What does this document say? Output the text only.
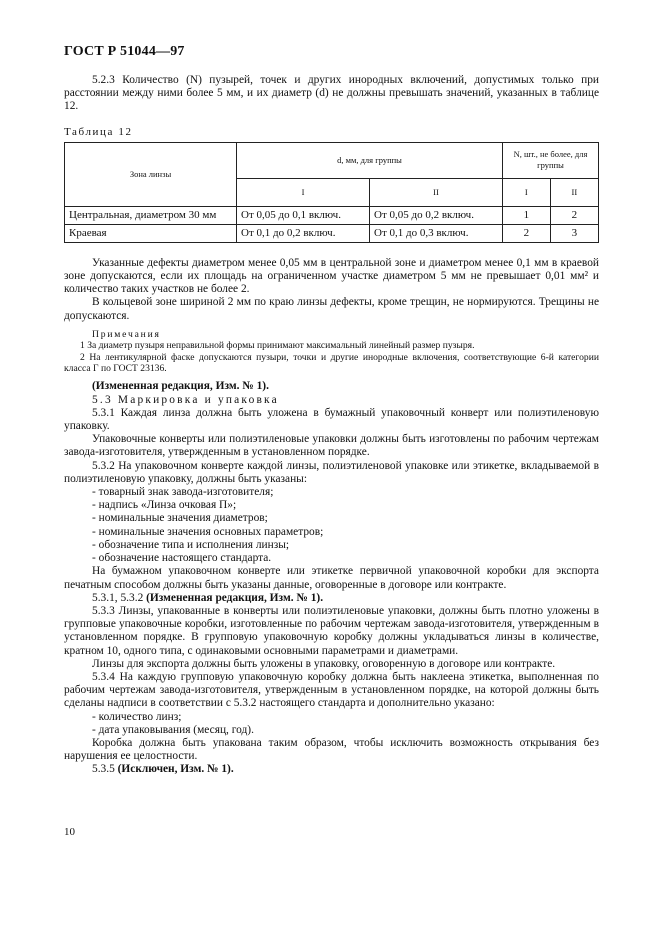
ГОСТ Р 51044—97

5.2.3 Количество (N) пузырей, точек и других инородных включений, допустимых только при расстоянии между ними более 5 мм, и их диаметр (d) не должны превышать значений, указанных в таблице 12.

Таблица 12
Зона линзы	d, мм, для группы		N, шт., не более, для группы	
	I	II	I	II
Центральная, диаметром 30 мм	От 0,05 до 0,1 включ.	От 0,05 до 0,2 включ.	1	2
Краевая	От 0,1 до 0,2 включ.	От 0,1 до 0,3 включ.	2	3

Указанные дефекты диаметром менее 0,05 мм в центральной зоне и диаметром менее 0,1 мм в краевой зоне допускаются, если их площадь на ограниченном участке диаметром 5 мм не превышает 0,01 мм² и количество таких участков не более 2.

В кольцевой зоне шириной 2 мм по краю линзы дефекты, кроме трещин, не нормируются. Трещины не допускаются.

Примечания

1 За диаметр пузыря неправильной формы принимают максимальный линейный размер пузыря.

2 На лентикулярной фаске допускаются пузыри, точки и другие инородные включения, соответствующие 6-й категории класса Г по ГОСТ 23136.

(Измененная редакция, Изм. № 1).

5.3 Маркировка и упаковка

5.3.1 Каждая линза должна быть уложена в бумажный упаковочный конверт или полиэтиленовую упаковку.

Упаковочные конверты или полиэтиленовые упаковки должны быть изготовлены по рабочим чертежам завода-изготовителя, утвержденным в установленном порядке.

5.3.2 На упаковочном конверте каждой линзы, полиэтиленовой упаковке или этикетке, вкладываемой в полиэтиленовую упаковку, должны быть указаны:

- товарный знак завода-изготовителя;

- надпись «Линза очковая П»;

- номинальные значения диаметров;

- номинальные значения основных параметров;

- обозначение типа и исполнения линзы;

- обозначение настоящего стандарта.

На бумажном упаковочном конверте или этикетке первичной упаковочной коробки для экспорта печатным способом должны быть указаны данные, оговоренные в договоре или контракте.

5.3.1, 5.3.2 (Измененная редакция, Изм. № 1).

5.3.3 Линзы, упакованные в конверты или полиэтиленовые упаковки, должны быть плотно уложены в групповые упаковочные коробки, изготовленные по рабочим чертежам завода-изготовителя, утвержденным в установленном порядке. В групповую упаковочную коробку должны укладываться линзы в количестве, кратном 10, одного типа, с одинаковыми основными параметрами и диаметрами.

Линзы для экспорта должны быть уложены в упаковку, оговоренную в договоре или контракте.

5.3.4 На каждую групповую упаковочную коробку должна быть наклеена этикетка, выполненная по рабочим чертежам завода-изготовителя, утвержденным в установленном порядке, на которой должны быть сделаны надписи в соответствии с 5.3.2 настоящего стандарта и дополнительно указано:

- количество линз;

- дата упаковывания (месяц, год).

Коробка должна быть упакована таким образом, чтобы исключить возможность открывания без нарушения ее целостности.

5.3.5 (Исключен, Изм. № 1).

10
